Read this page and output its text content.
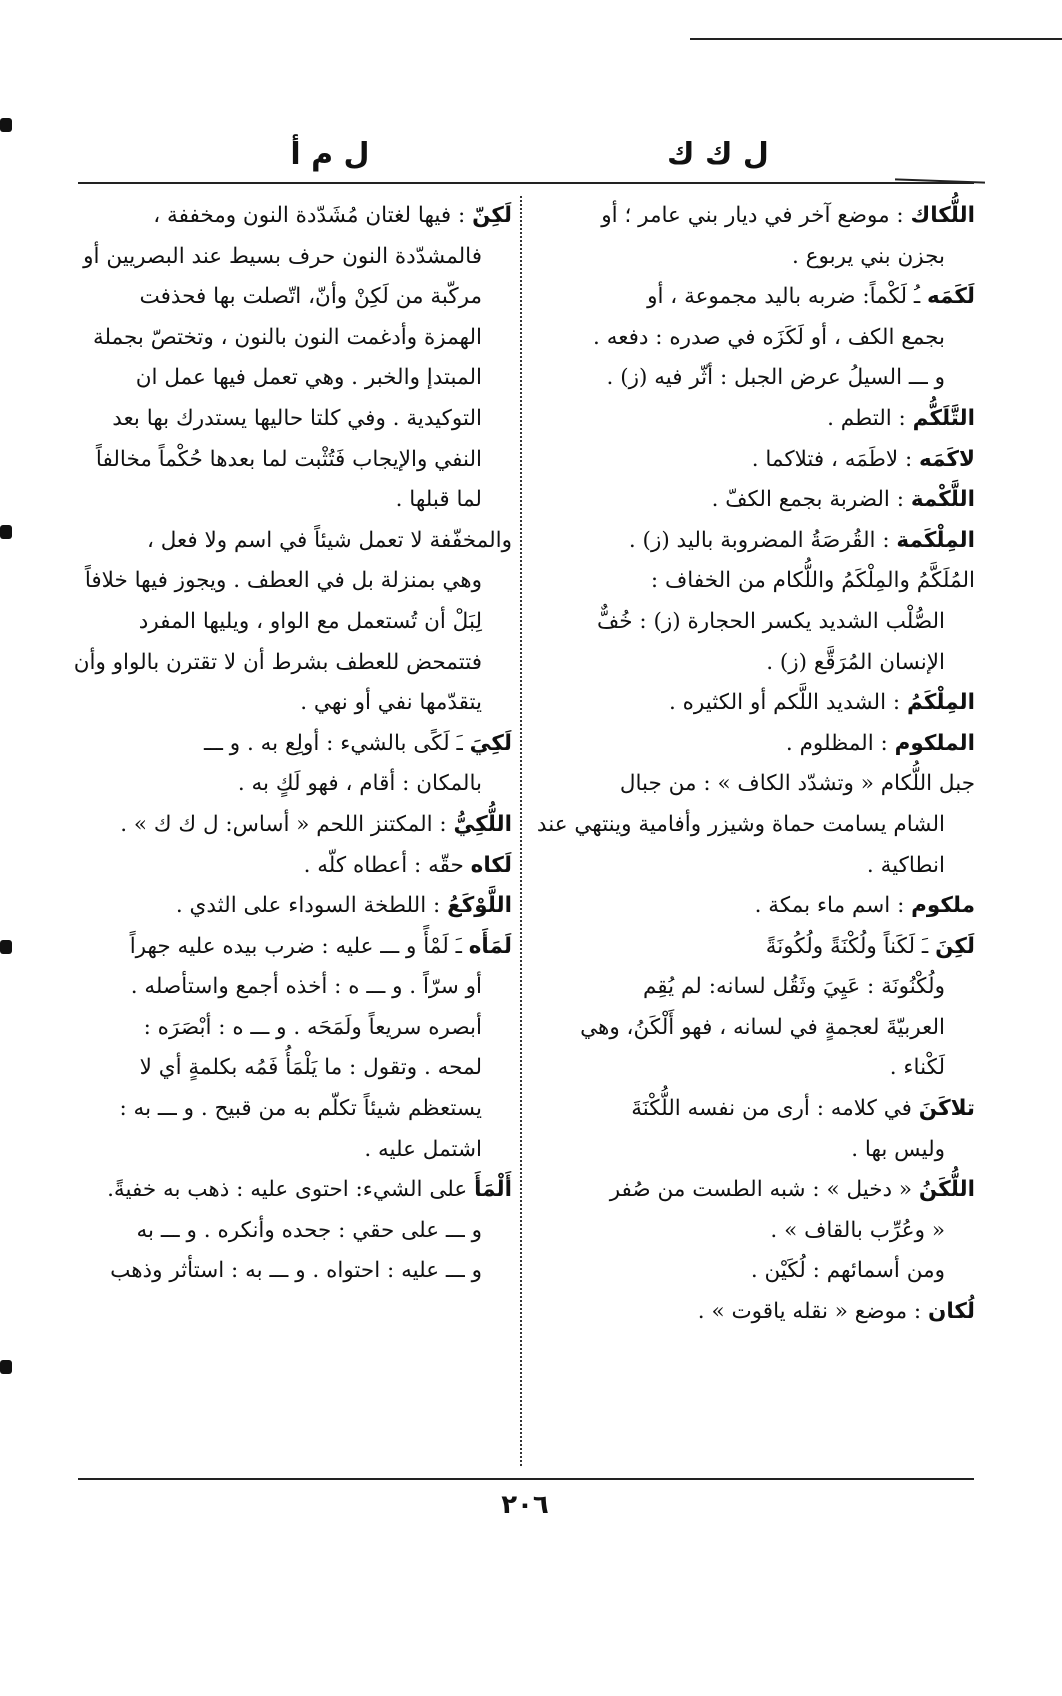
ل ك ك
ل م أ
اللُّكاك : موضع آخر في ديار بني عامر ؛ أو
بجزن بني يربوع .
لَكَمَه ـُ لَكْماً: ضربه باليد مجموعة ، أو
بجمع الكف ، أو لَكَزَه في صدره : دفعه .
و ـــ السيلُ عرض الجبل : أثّر فيه (ز) .
التَّلَكُّم : التطم .
لاكَمَه : لاطَمَه ، فتلاكما .
اللَّكْمة : الضربة بجمع الكفّ .
المِلْكَمة : القُرصَةُ المضروبة باليد (ز) .
المُلَكَّمُ والمِلْكَمُ واللُّكام من الخفاف :
الصُّلْب الشديد يكسر الحجارة (ز) : خُفٌّ
الإنسان المُرَقَّع (ز) .
المِلْكَمُ : الشديد اللَّكم أو الكثيره .
الملكوم : المظلوم .
جبل اللُّكام « وتشدّد الكاف » : من جبال
الشام يسامت حماة وشيزر وأفامية وينتهي عند
انطاكية .
ملكوم : اسم ماء بمكة .
لَكِنَ ـَ لَكَناً ولُكْنَةً ولُكُونَةً
ولُكْنُونَة : عَيِيَ وثَقُل لسانه: لم يُقِم
العربيّةَ لعجمةٍ في لسانه ، فهو أَلْكَنُ، وهي
لَكْناء .
تلاكَنَ في كلامه : أرى من نفسه اللُّكْنَةَ
وليس بها .
اللُّكَنُ « دخيل » : شبه الطست من صُفر
« وعُرِّب بالقاف » .
ومن أسمائهم : لُكَيْن .
لُكان : موضع « نقله ياقوت » .
لَكِنّ : فيها لغتان مُشَدّدة النون ومخففة ،
فالمشدّدة النون حرف بسيط عند البصريين أو
مركّبة من لَكِنْ وأنّ، اتّصلت بها فحذفت
الهمزة وأدغمت النون بالنون ، وتختصّ بجملة
المبتدإ والخبر . وهي تعمل فيها عمل ان
التوكيدية . وفي كلتا حاليها يستدرك بها بعد
النفي والإيجاب فَتُثْبت لما بعدها حُكْماً مخالفاً
لما قبلها .
والمخفّفة لا تعمل شيئاً في اسم ولا فعل ،
وهي بمنزلة بل في العطف . ويجوز فيها خلافاً
لِبَلْ أن تُستعمل مع الواو ، ويليها المفرد
فتتمحض للعطف بشرط أن لا تقترن بالواو وأن
يتقدّمها نفي أو نهي .
لَكِيَ ـَ لَكًى بالشيء : أولِع به . و ـــ
بالمكان : أقام ، فهو لَكٍ به .
اللُّكِيُّ : المكتنز اللحم « أساس: ل ك ك » .
لَكاه حقّه : أعطاه كلّه .
اللَّوْكَعُ : اللطخة السوداء على الثدي .
لَمَأَه ـَ لَمْأً و ـــ عليه : ضرب بيده عليه جهراً
أو سرّاً . و ـــ ه : أخذه أجمع واستأصله .
أبصره سريعاً ولَمَحَه . و ـــ ه : أبْصَرَه :
لمحه . وتقول : ما يَلْمَأُ فَمُه بكلمةٍ أي لا
يستعظم شيئاً تكلّم به من قبيح . و ـــ به :
اشتمل عليه .
أَلْمَأَ على الشيء: احتوى عليه : ذهب به خفيةً.
و ـــ على حقي : جحده وأنكره . و ـــ به
و ـــ عليه : احتواه . و ـــ به : استأثر وذهب
٢٠٦
